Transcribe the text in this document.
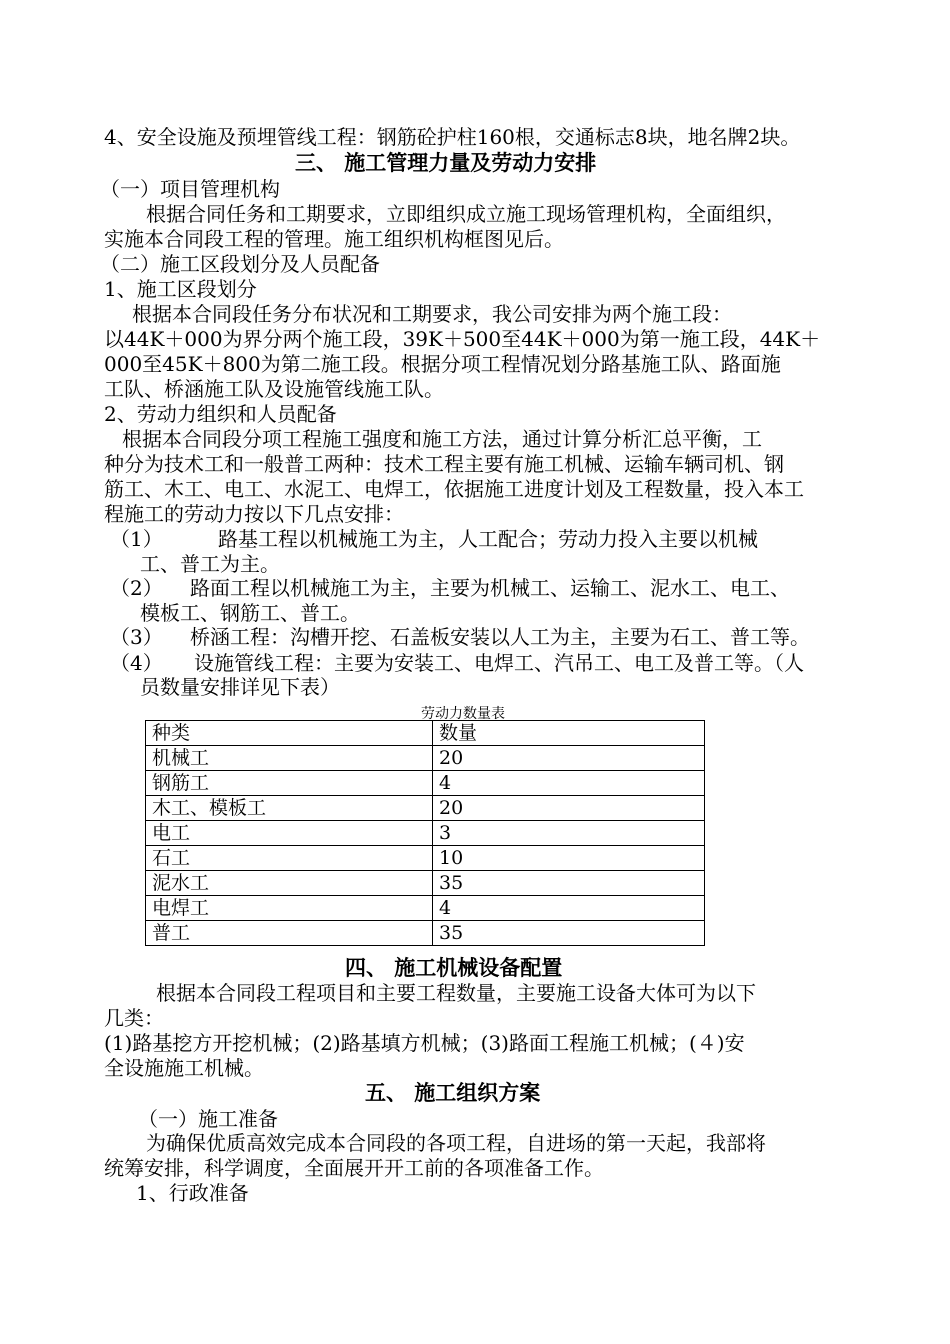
4、安全设施及预埋管线工程：钢筋砼护柱160根，交通标志8块，地名牌2块。
三、 施工管理力量及劳动力安排
（一）项目管理机构
根据合同任务和工期要求，立即组织成立施工现场管理机构，全面组织，
实施本合同段工程的管理。施工组织机构框图见后。
（二）施工区段划分及人员配备
1、施工区段划分
根据本合同段任务分布状况和工期要求，我公司安排为两个施工段：
以44K＋000为界分两个施工段，39K＋500至44K＋000为第一施工段，44K＋
000至45K＋800为第二施工段。根据分项工程情况划分路基施工队、路面施
工队、桥涵施工队及设施管线施工队。
2、劳动力组织和人员配备
根据本合同段分项工程施工强度和施工方法，通过计算分析汇总平衡，工
种分为技术工和一般普工两种：技术工程主要有施工机械、运输车辆司机、钢
筋工、木工、电工、水泥工、电焊工，依据施工进度计划及工程数量，投入本工
程施工的劳动力按以下几点安排：
（1）	路基工程以机械施工为主，人工配合；劳动力投入主要以机械
工、普工为主。
（2） 路面工程以机械施工为主，主要为机械工、运输工、泥水工、电工、
模板工、钢筋工、普工。
（3） 桥涵工程：沟槽开挖、石盖板安装以人工为主，主要为石工、普工等。
（4） 设施管线工程：主要为安装工、电焊工、汽吊工、电工及普工等。（人
员数量安排详见下表）
劳动力数量表
种类	数量
机械工	20
钢筋工	4
木工、模板工	20
电工	3
石工	10
泥水工	35
电焊工	4
普工	35
四、 施工机械设备配置
根据本合同段工程项目和主要工程数量，主要施工设备大体可为以下
几类：
(1)路基挖方开挖机械；(2)路基填方机械；(3)路面工程施工机械；(４)安
全设施施工机械。
五、 施工组织方案
（一）施工准备
为确保优质高效完成本合同段的各项工程，自进场的第一天起，我部将
统筹安排，科学调度，全面展开开工前的各项准备工作。
1、行政准备
